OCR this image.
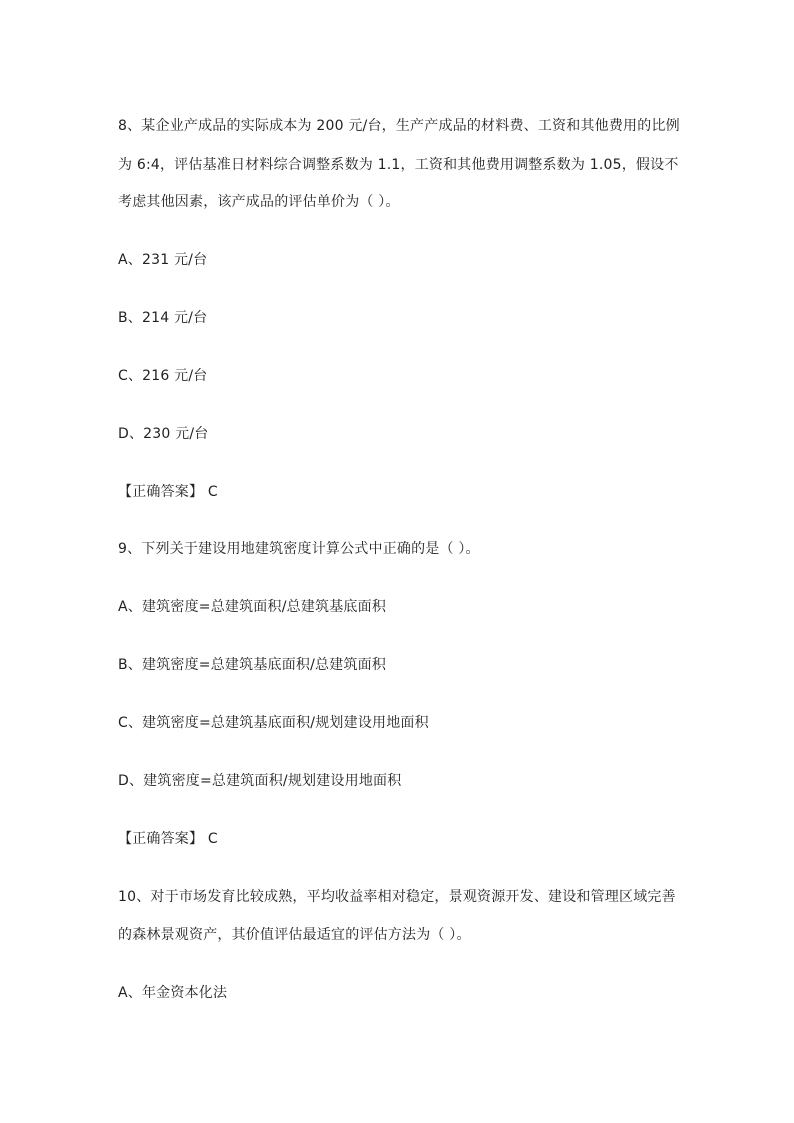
8、某企业产成品的实际成本为 200 元/台，生产产成品的材料费、工资和其他费用的比例
为 6:4，评估基准日材料综合调整系数为 1.1，工资和其他费用调整系数为 1.05，假设不
考虑其他因素，该产成品的评估单价为（ ）。
A、231 元/台
B、214 元/台
C、216 元/台
D、230 元/台
【正确答案】 C
9、下列关于建设用地建筑密度计算公式中正确的是（ ）。
A、建筑密度=总建筑面积/总建筑基底面积
B、建筑密度=总建筑基底面积/总建筑面积
C、建筑密度=总建筑基底面积/规划建设用地面积
D、建筑密度=总建筑面积/规划建设用地面积
【正确答案】 C
10、对于市场发育比较成熟，平均收益率相对稳定，景观资源开发、建设和管理区域完善
的森林景观资产，其价值评估最适宜的评估方法为（ ）。
A、年金资本化法
